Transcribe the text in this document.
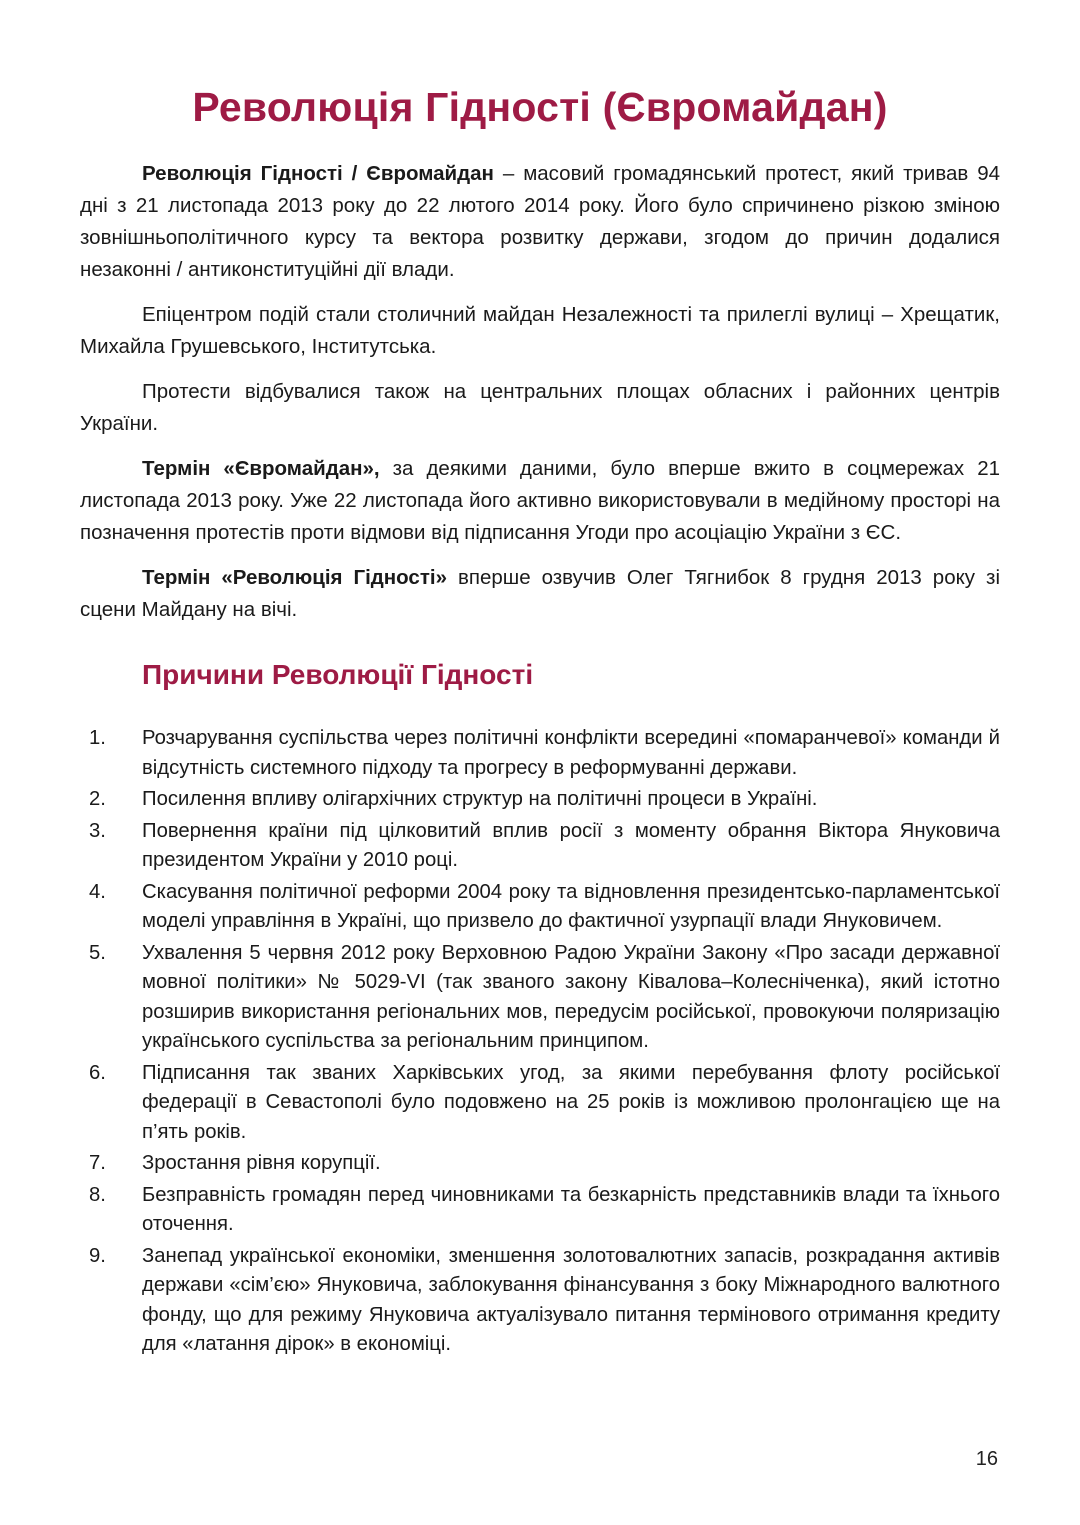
Революція Гідності (Євромайдан)

Революція Гідності / Євромайдан – масовий громадянський протест, який тривав 94 дні з 21 листопада 2013 року до 22 лютого 2014 року. Його було спричинено різкою зміною зовнішньополітичного курсу та вектора розвитку держави, згодом до причин додалися незаконні / антиконституційні дії влади.

Епіцентром подій стали столичний майдан Незалежності та прилеглі вулиці – Хрещатик, Михайла Грушевського, Інститутська.

Протести відбувалися також на центральних площах обласних і районних центрів України.

Термін «Євромайдан», за деякими даними, було вперше вжито в соцмережах 21 листопада 2013 року. Уже 22 листопада його активно використовували в медійному просторі на позначення протестів проти відмови від підписання Угоди про асоціацію України з ЄС.

Термін «Революція Гідності» вперше озвучив Олег Тягнибок 8 грудня 2013 року зі сцени Майдану на вічі.

Причини Революції Гідності
1. Розчарування суспільства через політичні конфлікти всередині «помаранчевої» команди й відсутність системного підходу та прогресу в реформуванні держави.
2. Посилення впливу олігархічних структур на політичні процеси в Україні.
3. Повернення країни під цілковитий вплив росії з моменту обрання Віктора Януковича президентом України у 2010 році.
4. Скасування політичної реформи 2004 року та відновлення президентсько-парламентської моделі управління в Україні, що призвело до фактичної узурпації влади Януковичем.
5. Ухвалення 5 червня 2012 року Верховною Радою України Закону «Про засади державної мовної політики» № 5029-VI (так званого закону Ківалова–Колесніченка), який істотно розширив використання регіональних мов, передусім російської, провокуючи поляризацію українського суспільства за регіональним принципом.
6. Підписання так званих Харківських угод, за якими перебування флоту російської федерації в Севастополі було подовжено на 25 років із можливою пролонгацією ще на п’ять років.
7. Зростання рівня корупції.
8. Безправність громадян перед чиновниками та безкарність представників влади та їхнього оточення.
9. Занепад української економіки, зменшення золотовалютних запасів, розкрадання активів держави «сім’єю» Януковича, заблокування фінансування з боку Міжнародного валютного фонду, що для режиму Януковича актуалізувало питання термінового отримання кредиту для «латання дірок» в економіці.
16
